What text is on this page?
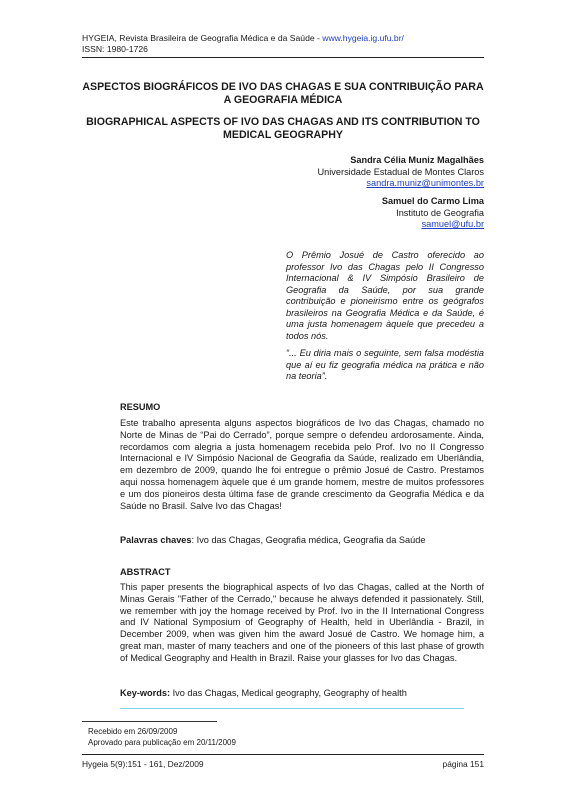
HYGEIA, Revista Brasileira de Geografia Médica e da Saúde - www.hygeia.ig.ufu.br/
ISSN: 1980-1726
ASPECTOS BIOGRÁFICOS DE IVO DAS CHAGAS E SUA CONTRIBUIÇÃO PARA A GEOGRAFIA MÉDICA
BIOGRAPHICAL ASPECTS OF IVO DAS CHAGAS AND ITS CONTRIBUTION TO MEDICAL GEOGRAPHY
Sandra Célia Muniz Magalhães
Universidade Estadual de Montes Claros
sandra.muniz@unimontes.br
Samuel do Carmo Lima
Instituto de Geografia
samuel@ufu.br

O Prêmio Josué de Castro oferecido ao professor Ivo das Chagas pelo II Congresso Internacional & IV Simpósio Brasileiro de Geografia da Saúde, por sua grande contribuição e pioneirismo entre os geógrafos brasileiros na Geografia Médica e da Saúde, é uma justa homenagem àquele que precedeu a todos nós.

“... Eu diria mais o seguinte, sem falsa modéstia que aí eu fiz geografia médica na prática e não na teoria”.

RESUMO
Este trabalho apresenta alguns aspectos biográficos de Ivo das Chagas, chamado no Norte de Minas de “Pai do Cerrado”, porque sempre o defendeu ardorosamente. Ainda, recordamos com alegria a justa homenagem recebida pelo Prof. Ivo no II Congresso Internacional e IV Simpósio Nacional de Geografia da Saúde, realizado em Uberlândia, em dezembro de 2009, quando lhe foi entregue o prêmio Josué de Castro. Prestamos aqui nossa homenagem àquele que é um grande homem, mestre de muitos professores e um dos pioneiros desta última fase de grande crescimento da Geografia Médica e da Saúde no Brasil. Salve Ivo das Chagas!
Palavras chaves: Ivo das Chagas, Geografia médica, Geografia da Saúde
ABSTRACT
This paper presents the biographical aspects of Ivo das Chagas, called at the North of Minas Gerais "Father of the Cerrado," because he always defended it passionately. Still, we remember with joy the homage received by Prof. Ivo in the II International Congress and IV National Symposium of Geography of Health, held in Uberlândia - Brazil, in December 2009, when was given him the award Josué de Castro. We homage him, a great man, master of many teachers and one of the pioneers of this last phase of growth of Medical Geography and Health in Brazil. Raise your glasses for Ivo das Chagas.
Key-words: Ivo das Chagas, Medical geography, Geography of health
Recebido em 26/09/2009
Aprovado para publicação em 20/11/2009
Hygeia 5(9):151 - 161, Dez/2009	página 151
